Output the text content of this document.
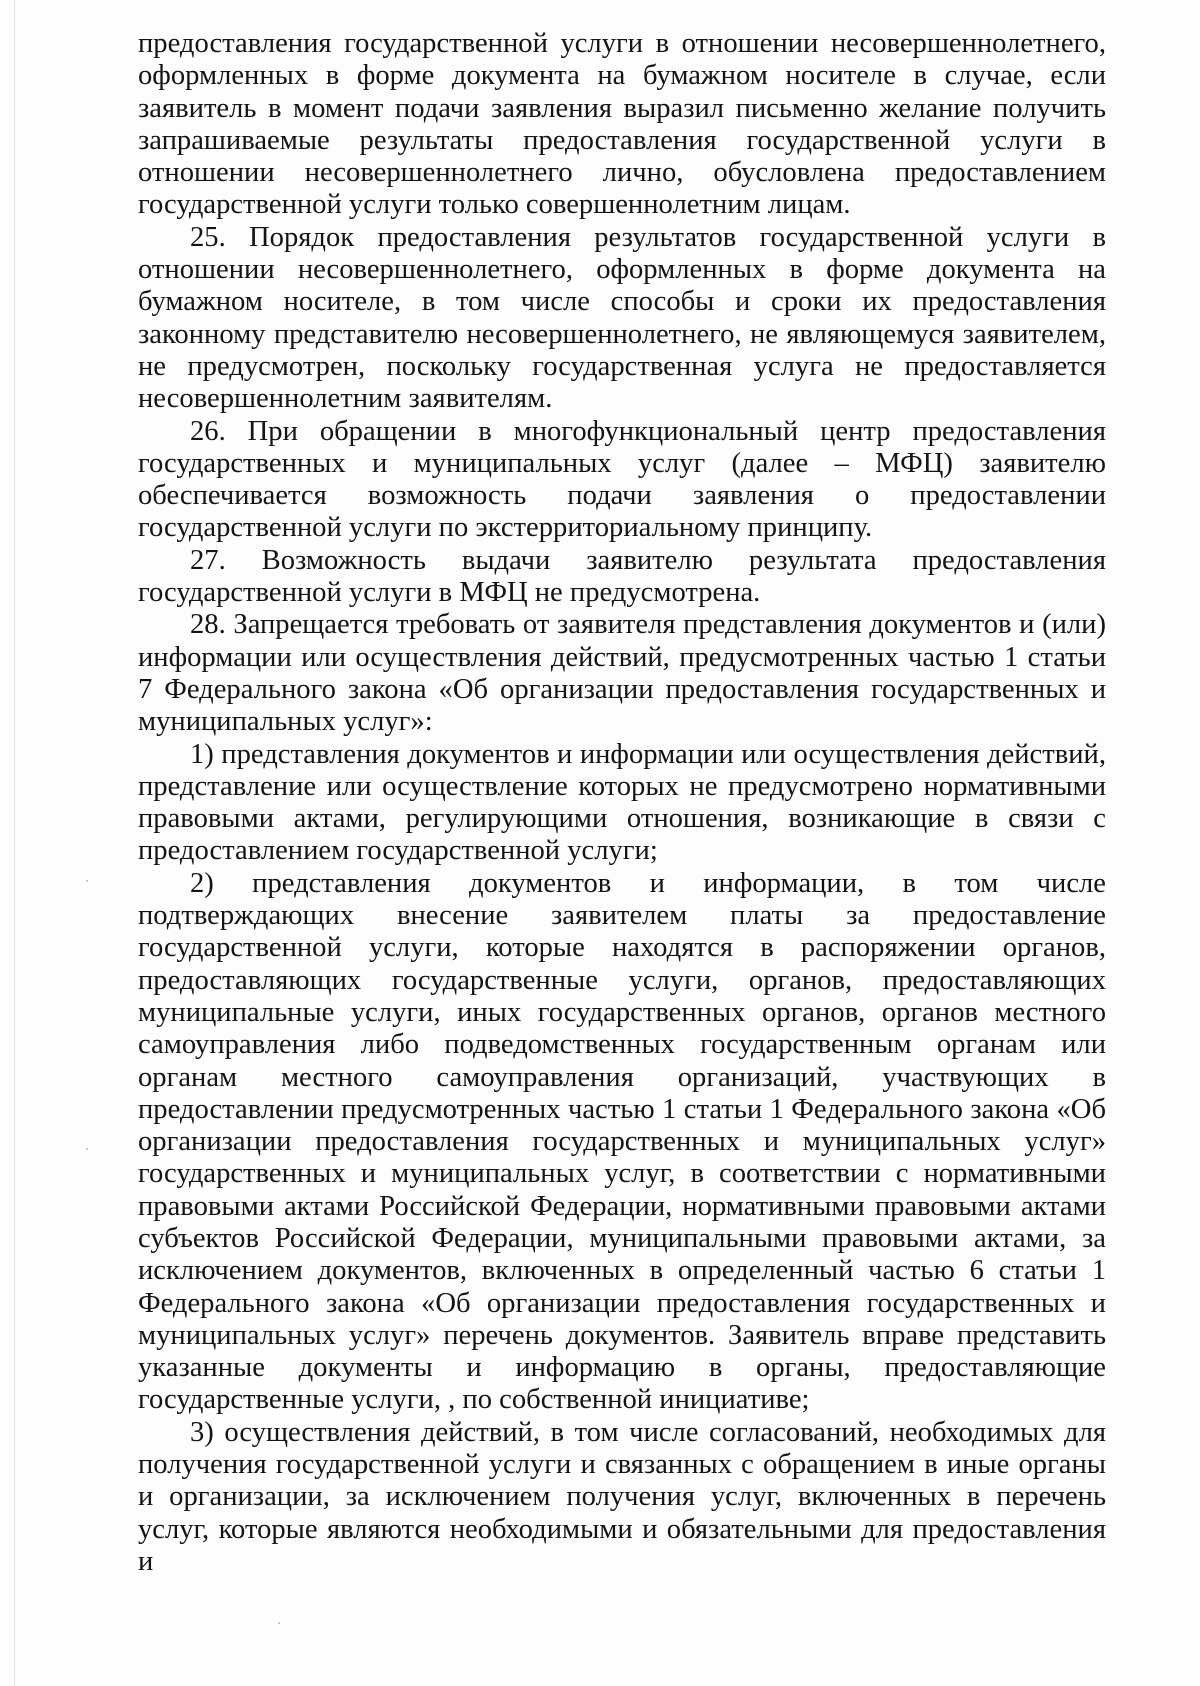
предоставления государственной услуги в отношении несовершеннолетнего, оформленных в форме документа на бумажном носителе в случае, если заявитель в момент подачи заявления выразил письменно желание получить запрашиваемые результаты предоставления государственной услуги в отношении несовершеннолетнего лично, обусловлена предоставлением государственной услуги только совершеннолетним лицам.

25. Порядок предоставления результатов государственной услуги в отношении несовершеннолетнего, оформленных в форме документа на бумажном носителе, в том числе способы и сроки их предоставления законному представителю несовершеннолетнего, не являющемуся заявителем, не предусмотрен, поскольку государственная услуга не предоставляется несовершеннолетним заявителям.

26. При обращении в многофункциональный центр предоставления государственных и муниципальных услуг (далее – МФЦ) заявителю обеспечивается возможность подачи заявления о предоставлении государственной услуги по экстерриториальному принципу.

27. Возможность выдачи заявителю результата предоставления государственной услуги в МФЦ не предусмотрена.

28. Запрещается требовать от заявителя представления документов и (или) информации или осуществления действий, предусмотренных частью 1 статьи 7 Федерального закона «Об организации предоставления государственных и муниципальных услуг»:

1) представления документов и информации или осуществления действий, представление или осуществление которых не предусмотрено нормативными правовыми актами, регулирующими отношения, возникающие в связи с предоставлением государственной услуги;

2) представления документов и информации, в том числе подтверждающих внесение заявителем платы за предоставление государственной услуги, которые находятся в распоряжении органов, предоставляющих государственные услуги, органов, предоставляющих муниципальные услуги, иных государственных органов, органов местного самоуправления либо подведомственных государственным органам или органам местного самоуправления организаций, участвующих в предоставлении предусмотренных частью 1 статьи 1 Федерального закона «Об организации предоставления государственных и муниципальных услуг» государственных и муниципальных услуг, в соответствии с нормативными правовыми актами Российской Федерации, нормативными правовыми актами субъектов Российской Федерации, муниципальными правовыми актами, за исключением документов, включенных в определенный частью 6 статьи 1 Федерального закона «Об организации предоставления государственных и муниципальных услуг» перечень документов. Заявитель вправе представить указанные документы и информацию в органы, предоставляющие государственные услуги, , по собственной инициативе;

3) осуществления действий, в том числе согласований, необходимых для получения государственной услуги и связанных с обращением в иные органы и организации, за исключением получения услуг, включенных в перечень услуг, которые являются необходимыми и обязательными для предоставления и
